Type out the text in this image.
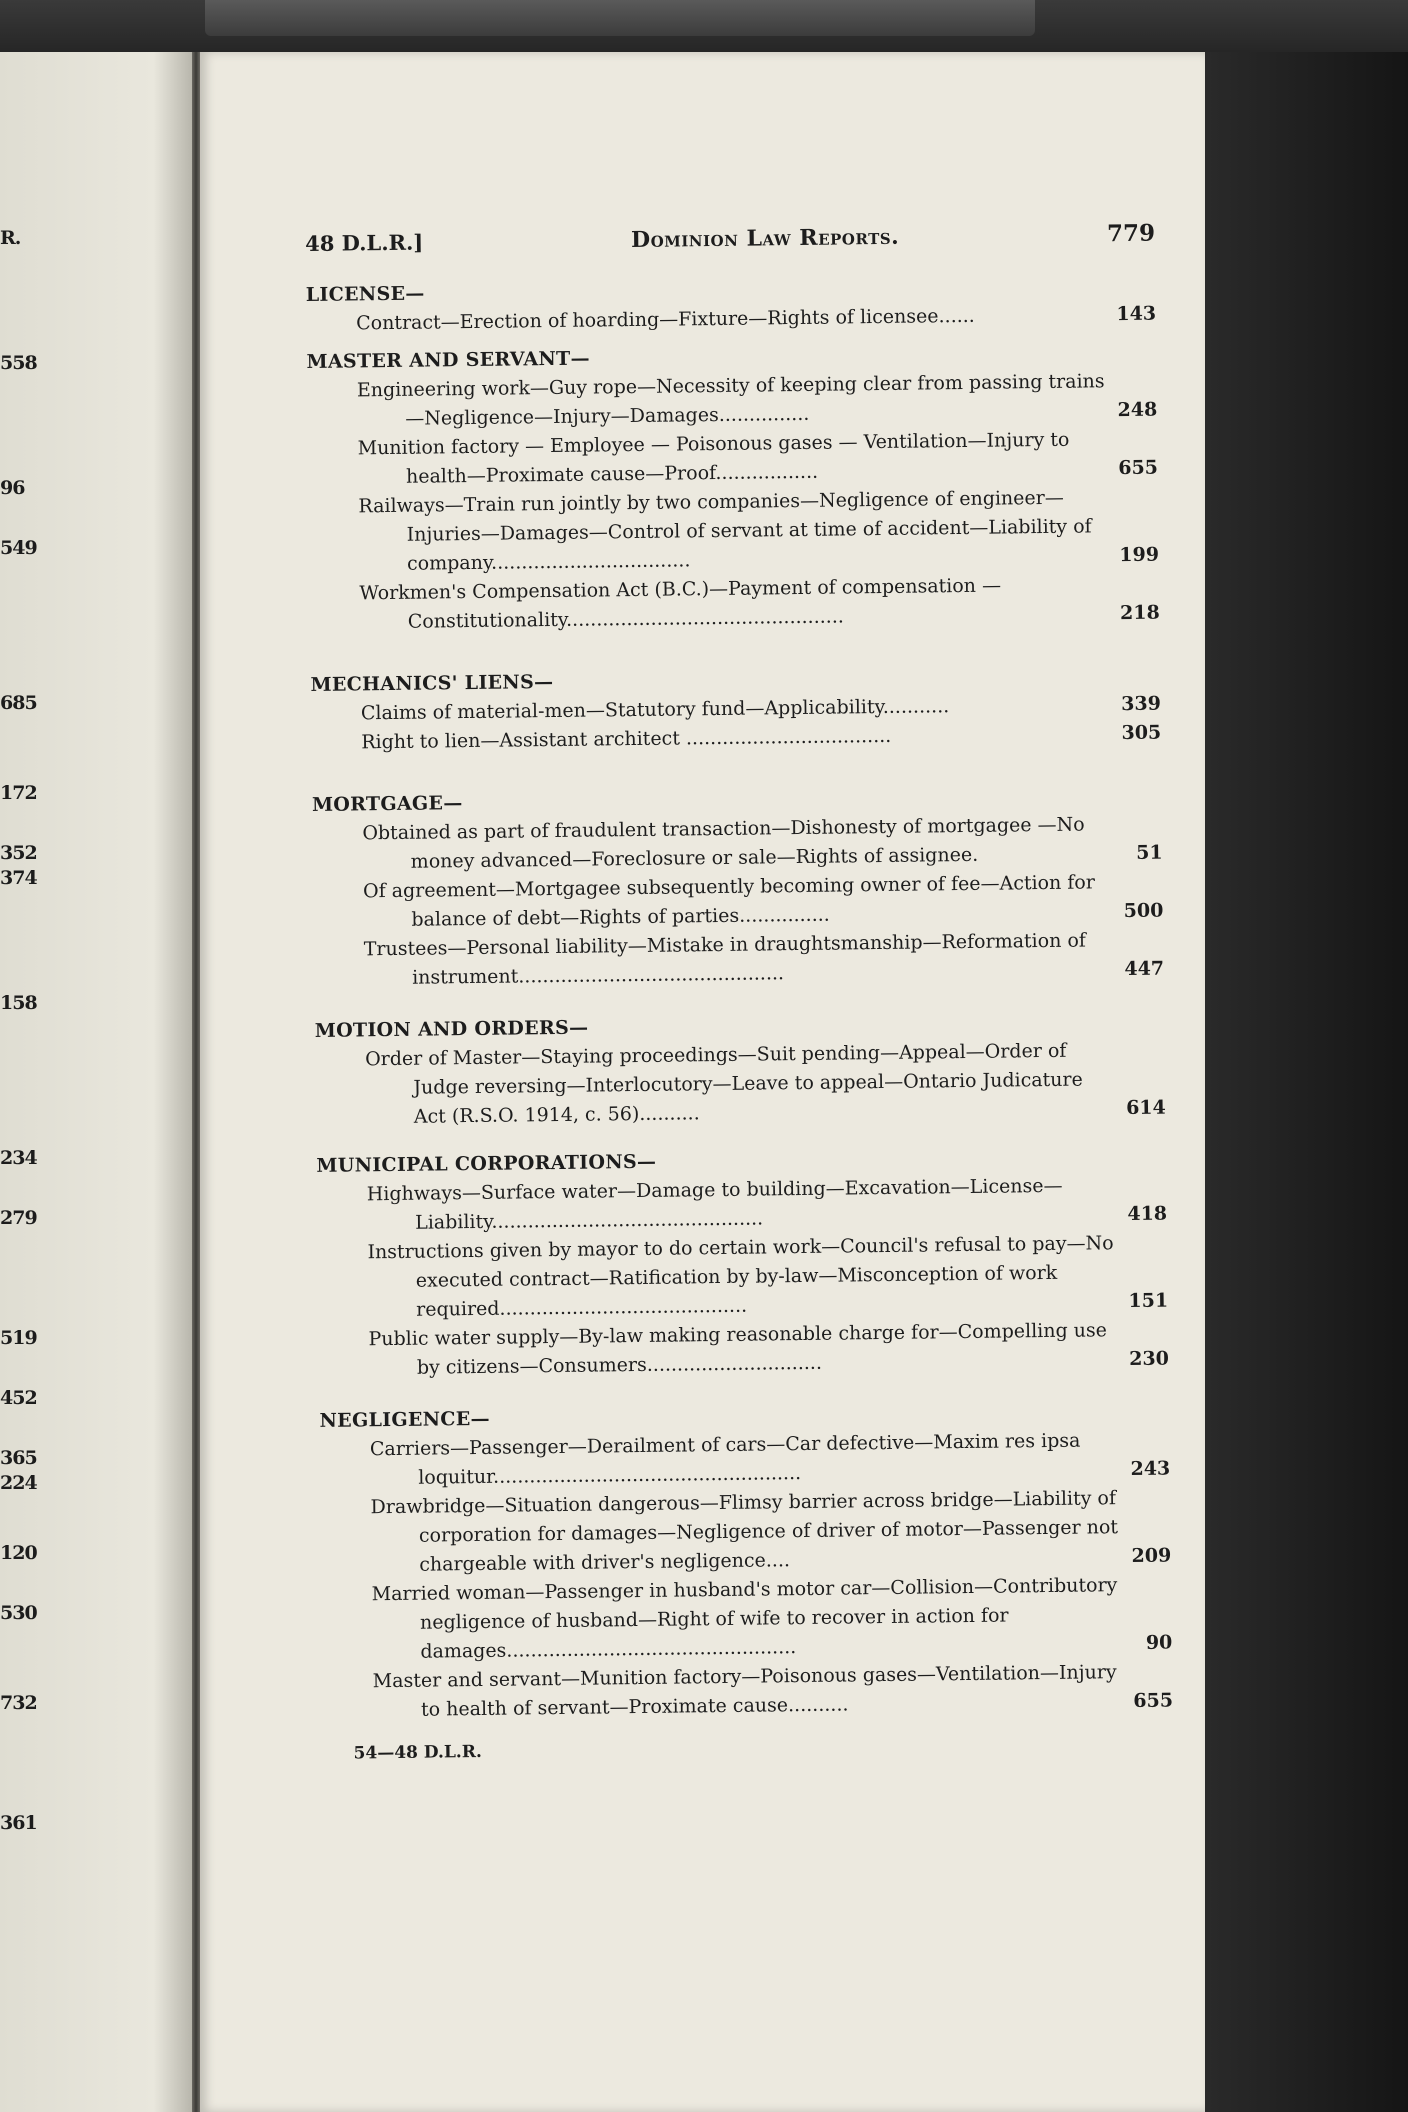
R.
558
96
549
685
172
352
374
158
234
279
519
452
365
224
120
530
732
361
48 D.L.R.]	Dominion Law Reports.	779
LICENSE—
Contract—Erection of hoarding—Fixture—Rights of licensee......	143
MASTER AND SERVANT—
Engineering work—Guy rope—Necessity of keeping clear from passing trains—Negligence—Injury—Damages...............	248
Munition factory — Employee — Poisonous gases — Ventilation—Injury to health—Proximate cause—Proof.................	655
Railways—Train run jointly by two companies—Negligence of engineer—Injuries—Damages—Control of servant at time of accident—Liability of company.................................	199
Workmen's Compensation Act (B.C.)—Payment of compensation —Constitutionality..............................................	218
MECHANICS' LIENS—
Claims of material-men—Statutory fund—Applicability...........	339
Right to lien—Assistant architect ..................................	305
MORTGAGE—
Obtained as part of fraudulent transaction—Dishonesty of mortgagee —No money advanced—Foreclosure or sale—Rights of assignee.	51
Of agreement—Mortgagee subsequently becoming owner of fee—Action for balance of debt—Rights of parties...............	500
Trustees—Personal liability—Mistake in draughtsmanship—Reformation of instrument............................................	447
MOTION AND ORDERS—
Order of Master—Staying proceedings—Suit pending—Appeal—Order of Judge reversing—Interlocutory—Leave to appeal—Ontario Judicature Act (R.S.O. 1914, c. 56)..........	614
MUNICIPAL CORPORATIONS—
Highways—Surface water—Damage to building—Excavation—License—Liability.............................................	418
Instructions given by mayor to do certain work—Council's refusal to pay—No executed contract—Ratification by by-law—Misconception of work required.........................................	151
Public water supply—By-law making reasonable charge for—Compelling use by citizens—Consumers.............................	230
NEGLIGENCE—
Carriers—Passenger—Derailment of cars—Car defective—Maxim res ipsa loquitur...................................................	243
Drawbridge—Situation dangerous—Flimsy barrier across bridge—Liability of corporation for damages—Negligence of driver of motor—Passenger not chargeable with driver's negligence....	209
Married woman—Passenger in husband's motor car—Collision—Contributory negligence of husband—Right of wife to recover in action for damages................................................	90
Master and servant—Munition factory—Poisonous gases—Ventilation—Injury to health of servant—Proximate cause..........	655
54—48 D.L.R.
